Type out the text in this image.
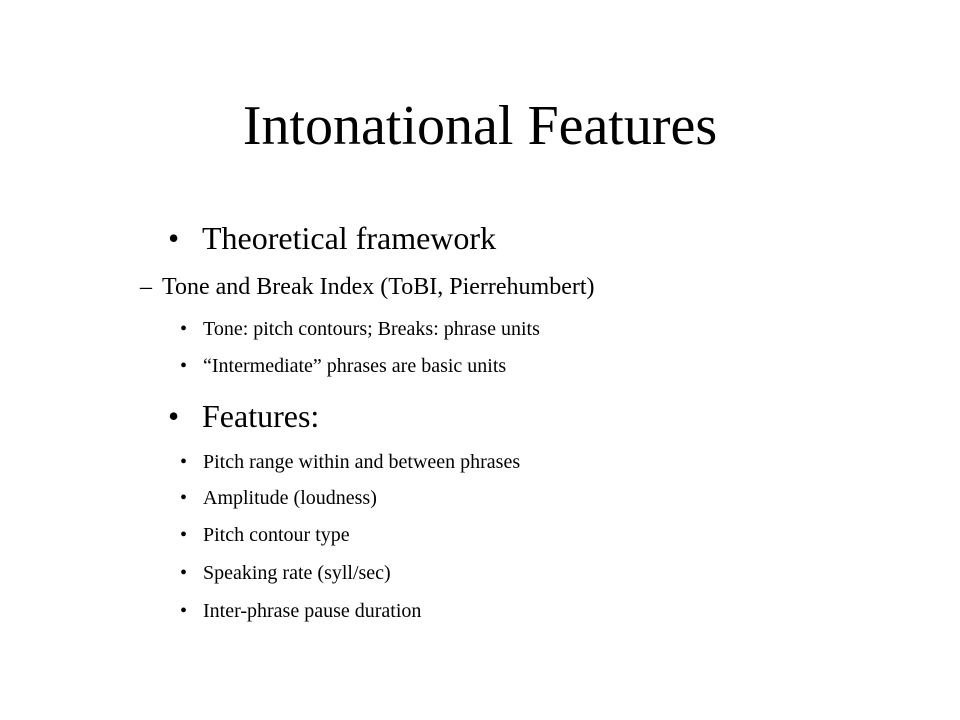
Intonational Features
• Theoretical framework
– Tone and Break Index (ToBI, Pierrehumbert)
• Tone: pitch contours; Breaks: phrase units
• “Intermediate” phrases are basic units
• Features:
• Pitch range within and between phrases
• Amplitude (loudness)
• Pitch contour type
• Speaking rate (syll/sec)
• Inter-phrase pause duration
